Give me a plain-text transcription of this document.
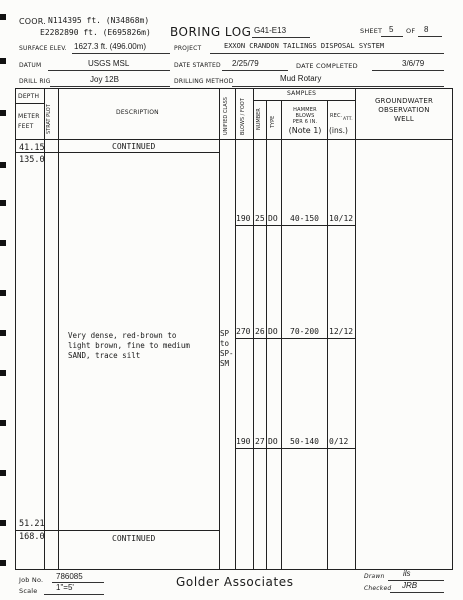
COOR. N114395 ft. (N34868m)
E2282890 ft. (E695826m) BORING LOG G41-E13	SHEET 5 OF 8
SURFACE ELEV. 1627.3 ft. (496.00m)	PROJECT	EXXON CRANDON TAILINGS DISPOSAL SYSTEM
DATUM	USGS MSL	DATE STARTED 2/25/79	DATE COMPLETED	3/6/79
DRILL RIG	Joy 12B	DRILLING METHOD	Mud Rotary
DEPTH
METER
FEET	STRAT PLOT	DESCRIPTION	UNIFIED CLASS BLOWS / FOOT
SAMPLES
NUMBER TYPE
HAMMER
BLOWS
PER 6 IN.
(Note 1)
REC.
ATT.
(ins.)
GROUNDWATER
OBSERVATION
WELL
41.15
135.0
CONTINUED
Very dense, red-brown to
light brown, fine to medium
SAND, trace silt
SP
to
SP-
SM
190 25 DO	40-150	10/12
270 26 DO	70-200	12/12
190 27 DO	50-140	0/12
51.21
168.0	CONTINUED
Job No. 786085
Scale 1"=5'	Golder Associates	Drawn ils
Checked JRB
